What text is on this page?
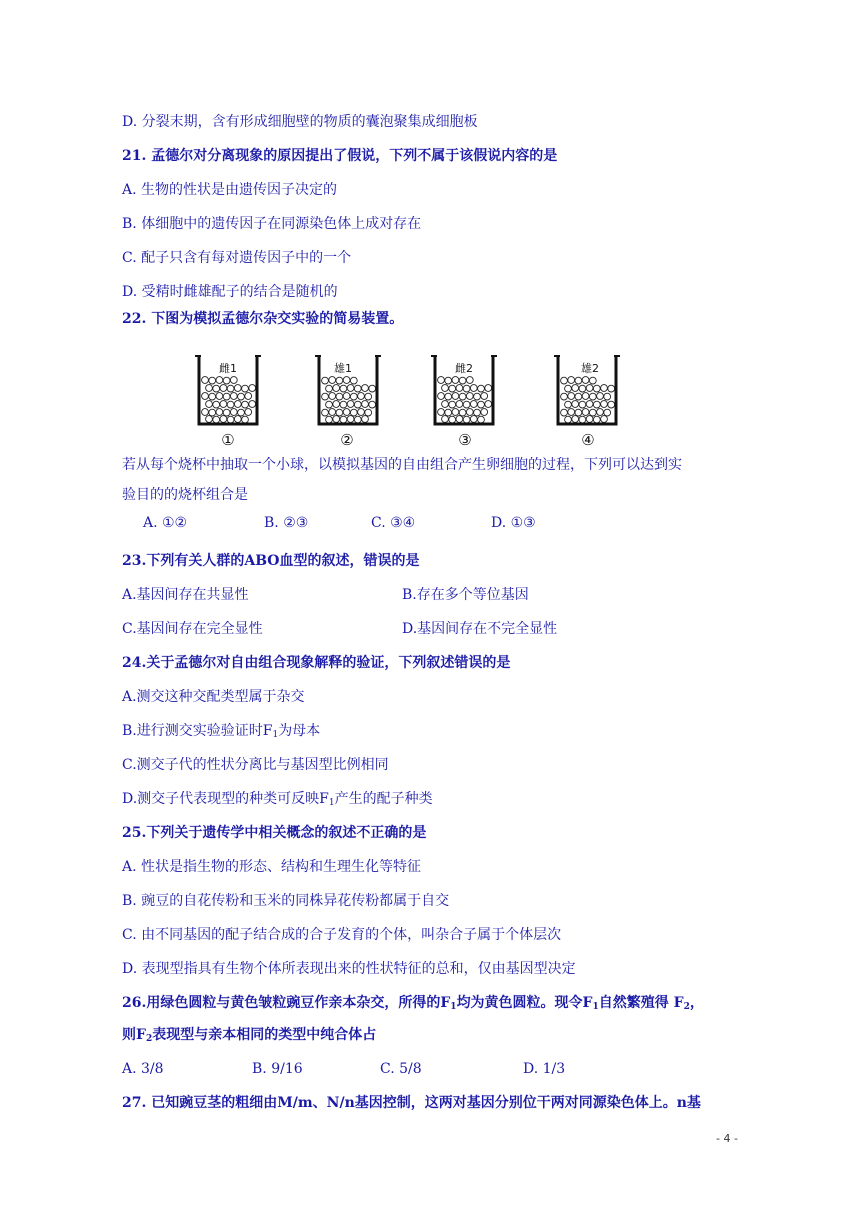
D. 分裂末期，含有形成细胞壁的物质的囊泡聚集成细胞板
21. 孟德尔对分离现象的原因提出了假说，下列不属于该假说内容的是
A. 生物的性状是由遗传因子决定的
B. 体细胞中的遗传因子在同源染色体上成对存在
C. 配子只含有每对遗传因子中的一个
D. 受精时雌雄配子的结合是随机的
22. 下图为模拟孟德尔杂交实验的简易装置。
雌1	雄1	雌2	雄2
①	②	③	④
若从每个烧杯中抽取一个小球，以模拟基因的自由组合产生卵细胞的过程，下列可以达到实
验目的的烧杯组合是
A. ①②	B. ②③	C. ③④	D. ①③
23.下列有关人群的ABO血型的叙述，错误的是
A.基因间存在共显性	B.存在多个等位基因
C.基因间存在完全显性	D.基因间存在不完全显性
24.关于孟德尔对自由组合现象解释的验证，下列叙述错误的是
A.测交这种交配类型属于杂交
B.进行测交实验验证时$F_1$为母本
C.测交子代的性状分离比与基因型比例相同
D.测交子代表现型的种类可反映$F_1$产生的配子种类
25.下列关于遗传学中相关概念的叙述不正确的是
A. 性状是指生物的形态、结构和生理生化等特征
B. 豌豆的自花传粉和玉米的同株异花传粉都属于自交
C. 由不同基因的配子结合成的合子发育的个体，叫杂合子属于个体层次
D. 表现型指具有生物个体所表现出来的性状特征的总和，仅由基因型决定
26.用绿色圆粒与黄色皱粒豌豆作亲本杂交，所得的$F_1$均为黄色圆粒。现令$F_1$自然繁殖得 $F_2$，
则$F_2$表现型与亲本相同的类型中纯合体占
A. 3/8	B. 9/16	C. 5/8	D. 1/3
27. 已知豌豆茎的粗细由M/m、N/n基因控制，这两对基因分别位干两对同源染色体上。n基
- 4 -
